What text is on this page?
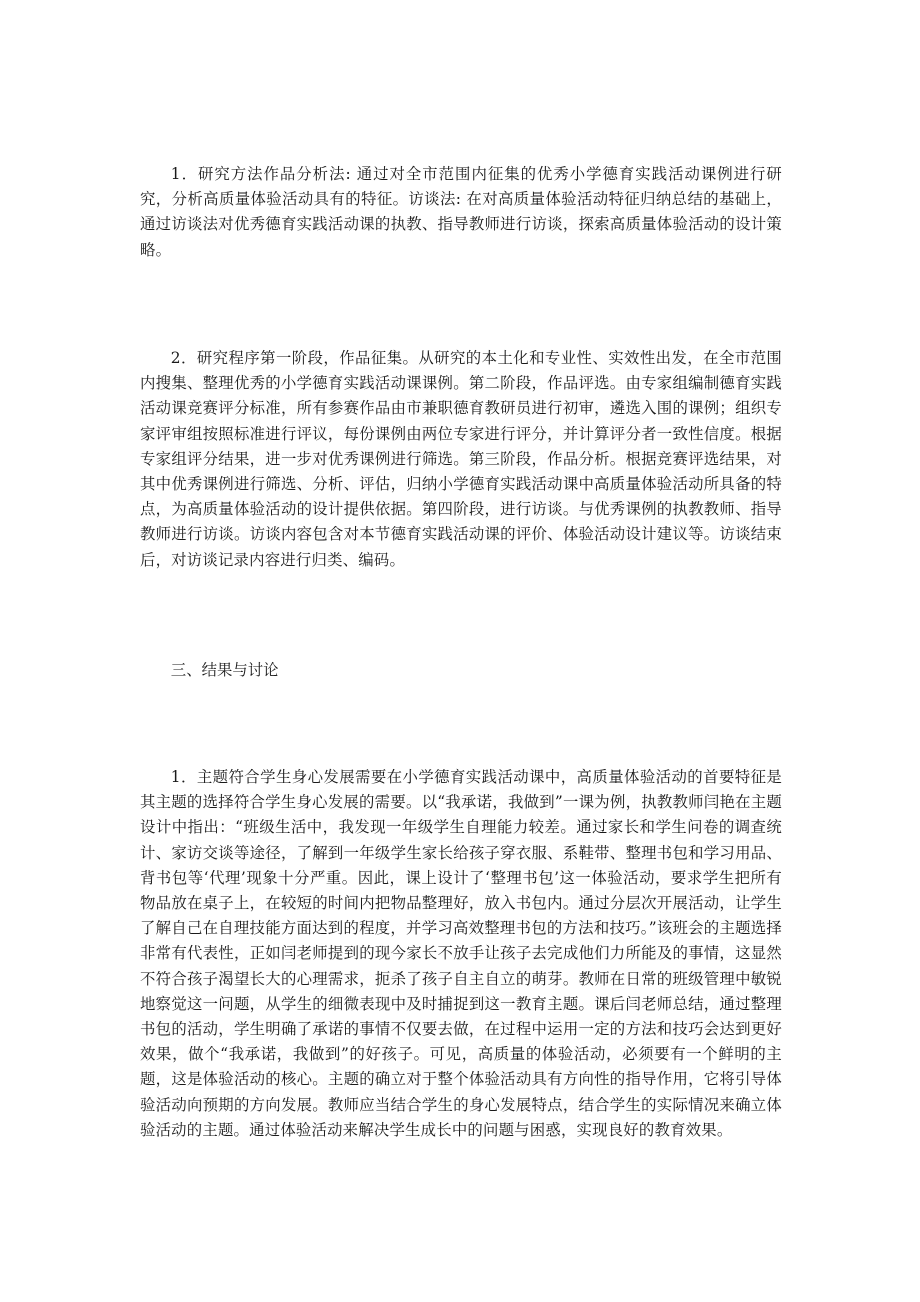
1．研究方法作品分析法: 通过对全市范围内征集的优秀小学德育实践活动课例进行研究，分析高质量体验活动具有的特征。访谈法: 在对高质量体验活动特征归纳总结的基础上，通过访谈法对优秀德育实践活动课的执教、指导教师进行访谈，探索高质量体验活动的设计策略。

2．研究程序第一阶段，作品征集。从研究的本土化和专业性、实效性出发，在全市范围内搜集、整理优秀的小学德育实践活动课课例。第二阶段，作品评选。由专家组编制德育实践活动课竞赛评分标准，所有参赛作品由市兼职德育教研员进行初审，遴选入围的课例；组织专家评审组按照标准进行评议，每份课例由两位专家进行评分，并计算评分者一致性信度。根据专家组评分结果，进一步对优秀课例进行筛选。第三阶段，作品分析。根据竞赛评选结果，对其中优秀课例进行筛选、分析、评估，归纳小学德育实践活动课中高质量体验活动所具备的特点，为高质量体验活动的设计提供依据。第四阶段，进行访谈。与优秀课例的执教教师、指导教师进行访谈。访谈内容包含对本节德育实践活动课的评价、体验活动设计建议等。访谈结束后，对访谈记录内容进行归类、编码。

三、结果与讨论

1．主题符合学生身心发展需要在小学德育实践活动课中，高质量体验活动的首要特征是其主题的选择符合学生身心发展的需要。以“我承诺，我做到”一课为例，执教教师闫艳在主题设计中指出：“班级生活中，我发现一年级学生自理能力较差。通过家长和学生问卷的调查统计、家访交谈等途径，了解到一年级学生家长给孩子穿衣服、系鞋带、整理书包和学习用品、背书包等‘代理’现象十分严重。因此，课上设计了‘整理书包’这一体验活动，要求学生把所有物品放在桌子上，在较短的时间内把物品整理好，放入书包内。通过分层次开展活动，让学生了解自己在自理技能方面达到的程度，并学习高效整理书包的方法和技巧。”该班会的主题选择非常有代表性，正如闫老师提到的现今家长不放手让孩子去完成他们力所能及的事情，这显然不符合孩子渴望长大的心理需求，扼杀了孩子自主自立的萌芽。教师在日常的班级管理中敏锐地察觉这一问题，从学生的细微表现中及时捕捉到这一教育主题。课后闫老师总结，通过整理书包的活动，学生明确了承诺的事情不仅要去做，在过程中运用一定的方法和技巧会达到更好效果，做个“我承诺，我做到”的好孩子。可见，高质量的体验活动，必须要有一个鲜明的主题，这是体验活动的核心。主题的确立对于整个体验活动具有方向性的指导作用，它将引导体验活动向预期的方向发展。教师应当结合学生的身心发展特点，结合学生的实际情况来确立体验活动的主题。通过体验活动来解决学生成长中的问题与困惑，实现良好的教育效果。
